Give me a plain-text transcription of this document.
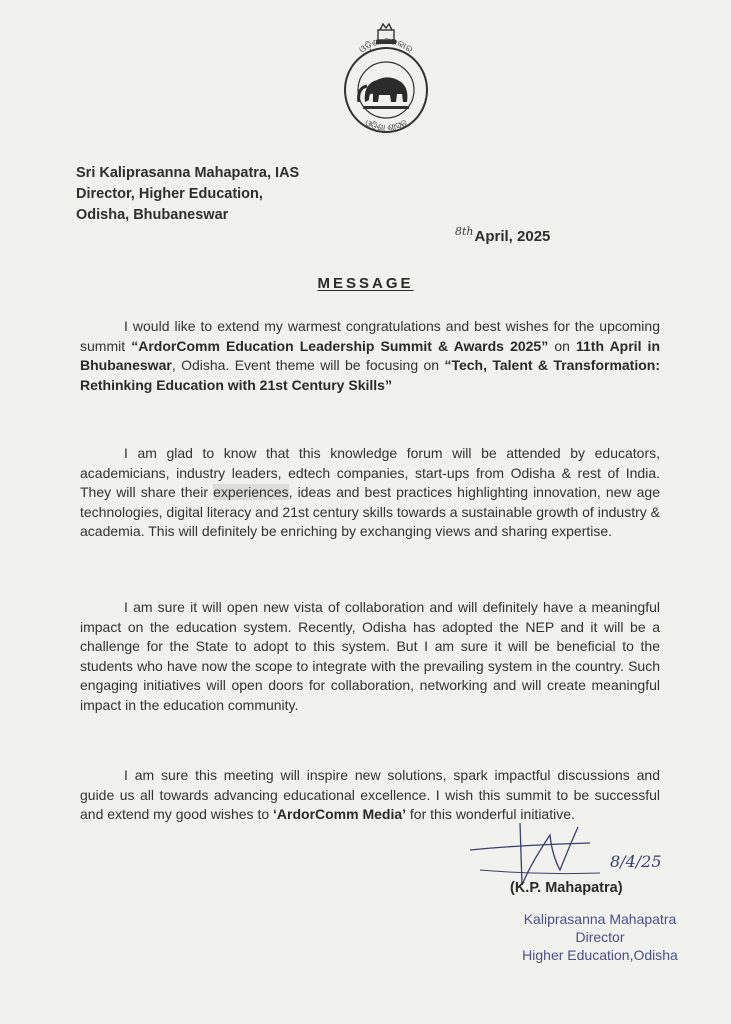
ଓଡ଼ିଶା ସରକାର
ଓଡ଼ିଶା ଶାସନ
Sri Kaliprasanna Mahapatra, IAS
Director, Higher Education,
Odisha, Bhubaneswar
$^{8th}$April, 2025
MESSAGE
I would like to extend my warmest congratulations and best wishes for the upcoming summit “ArdorComm Education Leadership Summit & Awards 2025” on 11th April in Bhubaneswar, Odisha. Event theme will be focusing on “Tech, Talent & Transformation: Rethinking Education with 21st Century Skills”
I am glad to know that this knowledge forum will be attended by educators, academicians, industry leaders, edtech companies, start-ups from Odisha & rest of India. They will share their experiences, ideas and best practices highlighting innovation, new age technologies, digital literacy and 21st century skills towards a sustainable growth of industry & academia. This will definitely be enriching by exchanging views and sharing expertise.
I am sure it will open new vista of collaboration and will definitely have a meaningful impact on the education system. Recently, Odisha has adopted the NEP and it will be a challenge for the State to adopt to this system. But I am sure it will be beneficial to the students who have now the scope to integrate with the prevailing system in the country. Such engaging initiatives will open doors for collaboration, networking and will create meaningful impact in the education community.
I am sure this meeting will inspire new solutions, spark impactful discussions and guide us all towards advancing educational excellence. I wish this summit to be successful and extend my good wishes to ‘ArdorComm Media’ for this wonderful initiative.
8/4/25
(K.P. Mahapatra)
Kaliprasanna Mahapatra
Director
Higher Education,Odisha
